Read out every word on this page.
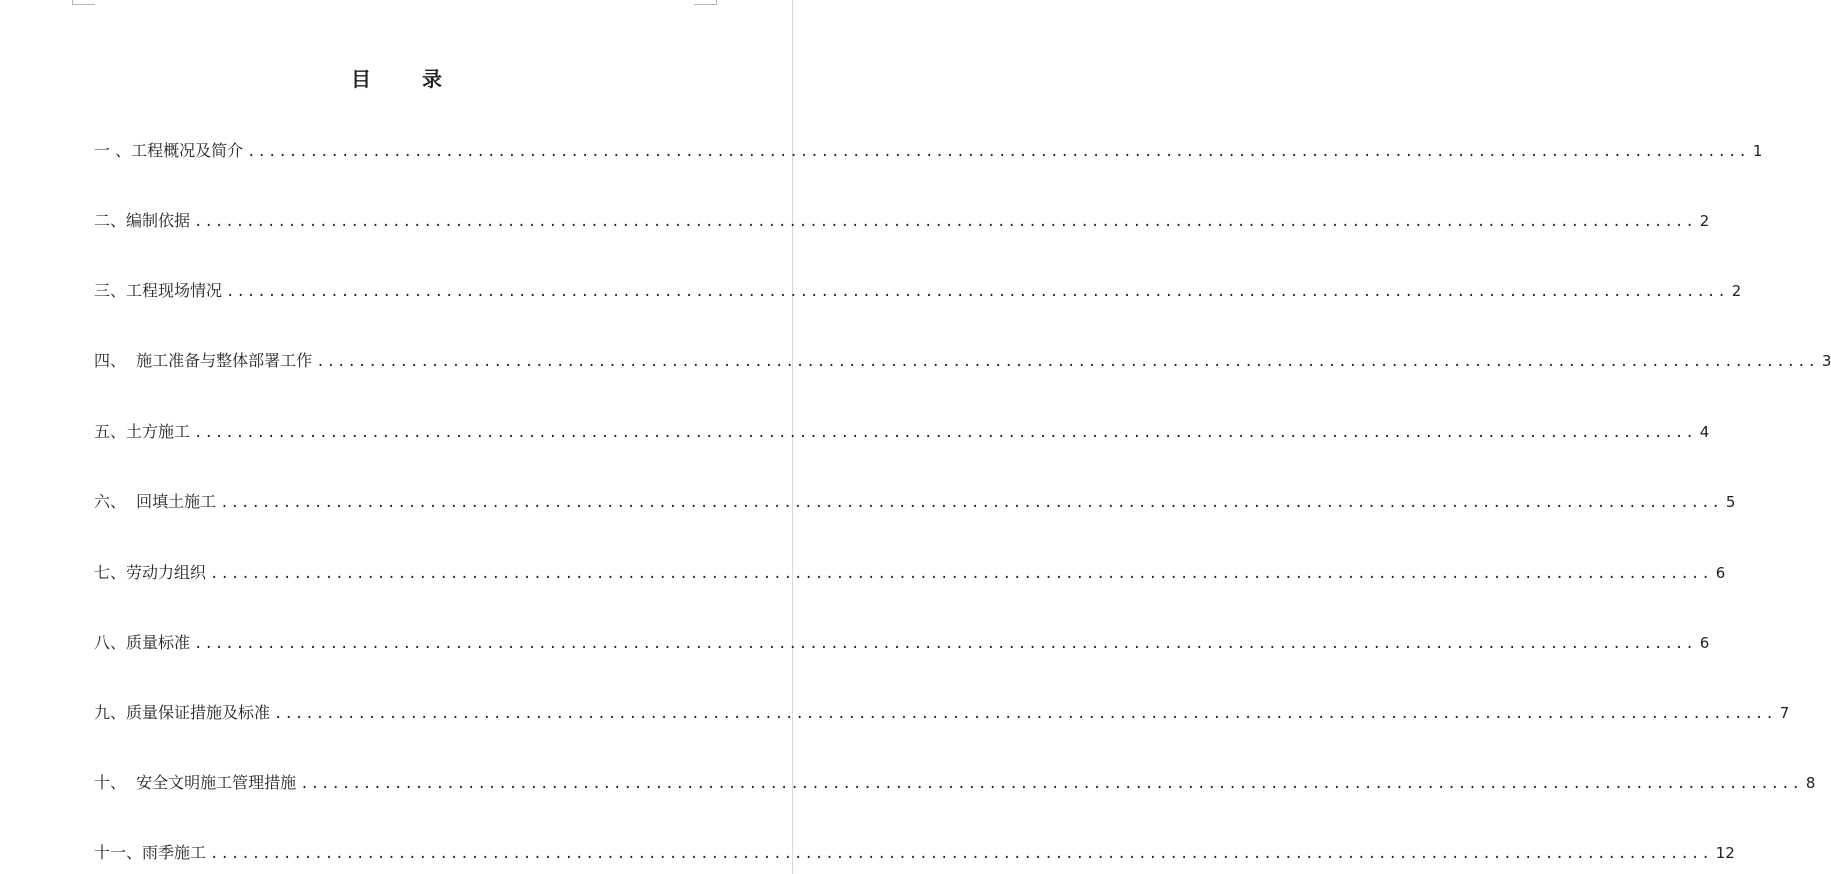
目 录
一 、工程概况及简介 ................................................................................................................................................ 1
二、编制依据 ................................................................................................................................................ 2
三、工程现场情况 ................................................................................................................................................ 2
四、  施工准备与整体部署工作 ................................................................................................................................................ 3
五、土方施工 ................................................................................................................................................ 4
六、  回填土施工 ................................................................................................................................................ 5
七、劳动力组织 ................................................................................................................................................ 6
八、质量标准 ................................................................................................................................................ 6
九、质量保证措施及标准 ................................................................................................................................................ 7
十、  安全文明施工管理措施 ................................................................................................................................................ 8
十一、雨季施工 ................................................................................................................................................ 12
